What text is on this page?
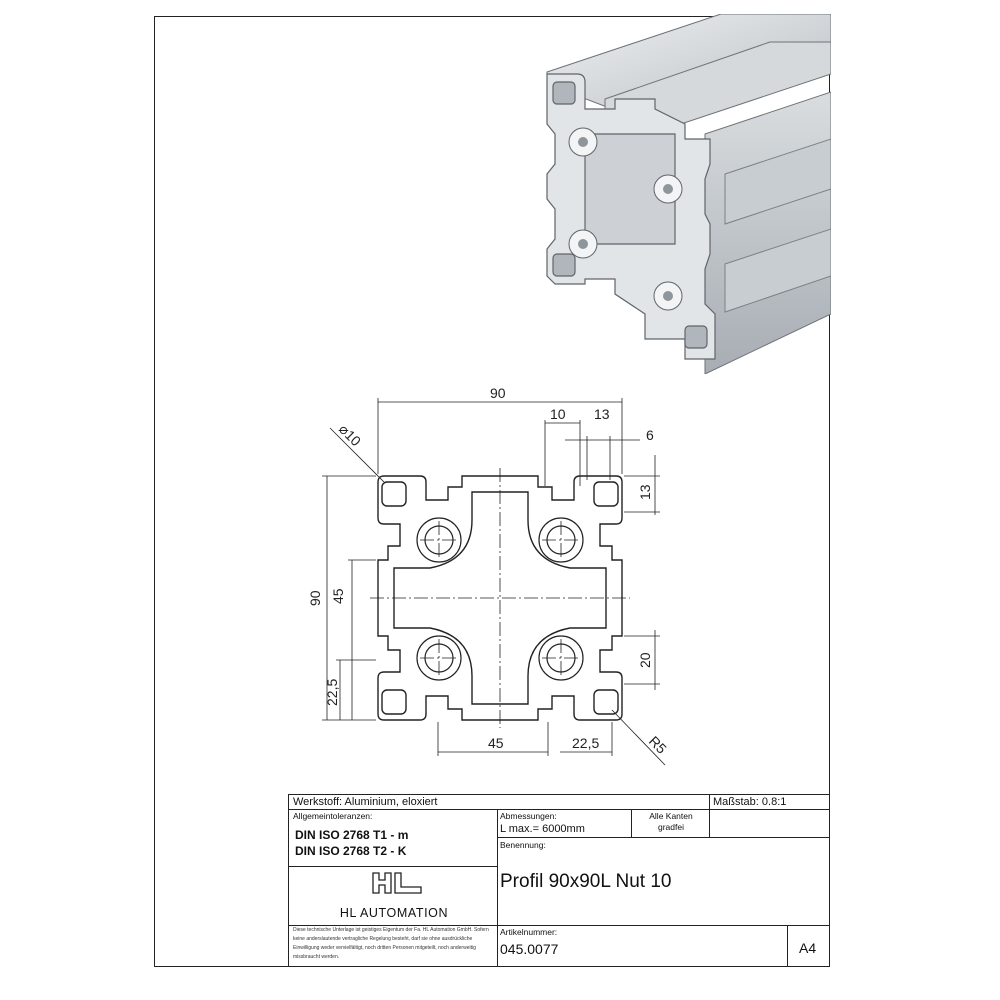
90
10 13
6
13
20
90 45
22,5
45	22,5
⌀10
R5
Werkstoff: Aluminium, eloxiert	Maßstab: 0.8:1
Allgemeintoleranzen:
DIN ISO 2768 T1 - m
DIN ISO 2768 T2 - K
Abmessungen:
L max.= 6000mm
Alle Kanten gradfei
Benennung:
Profil 90x90L Nut 10
HL AUTOMATION
Diese technische Unterlage ist geistiges Eigentum der Fa. HL Automation GmbH. Sofern keine anderslautende vertragliche Regelung besteht, darf sie ohne ausdrückliche Einwilligung weder vervielfältigt, noch dritten Personen mitgeteilt, noch anderweitig missbraucht werden.
Artikelnummer:
045.0077	A4
